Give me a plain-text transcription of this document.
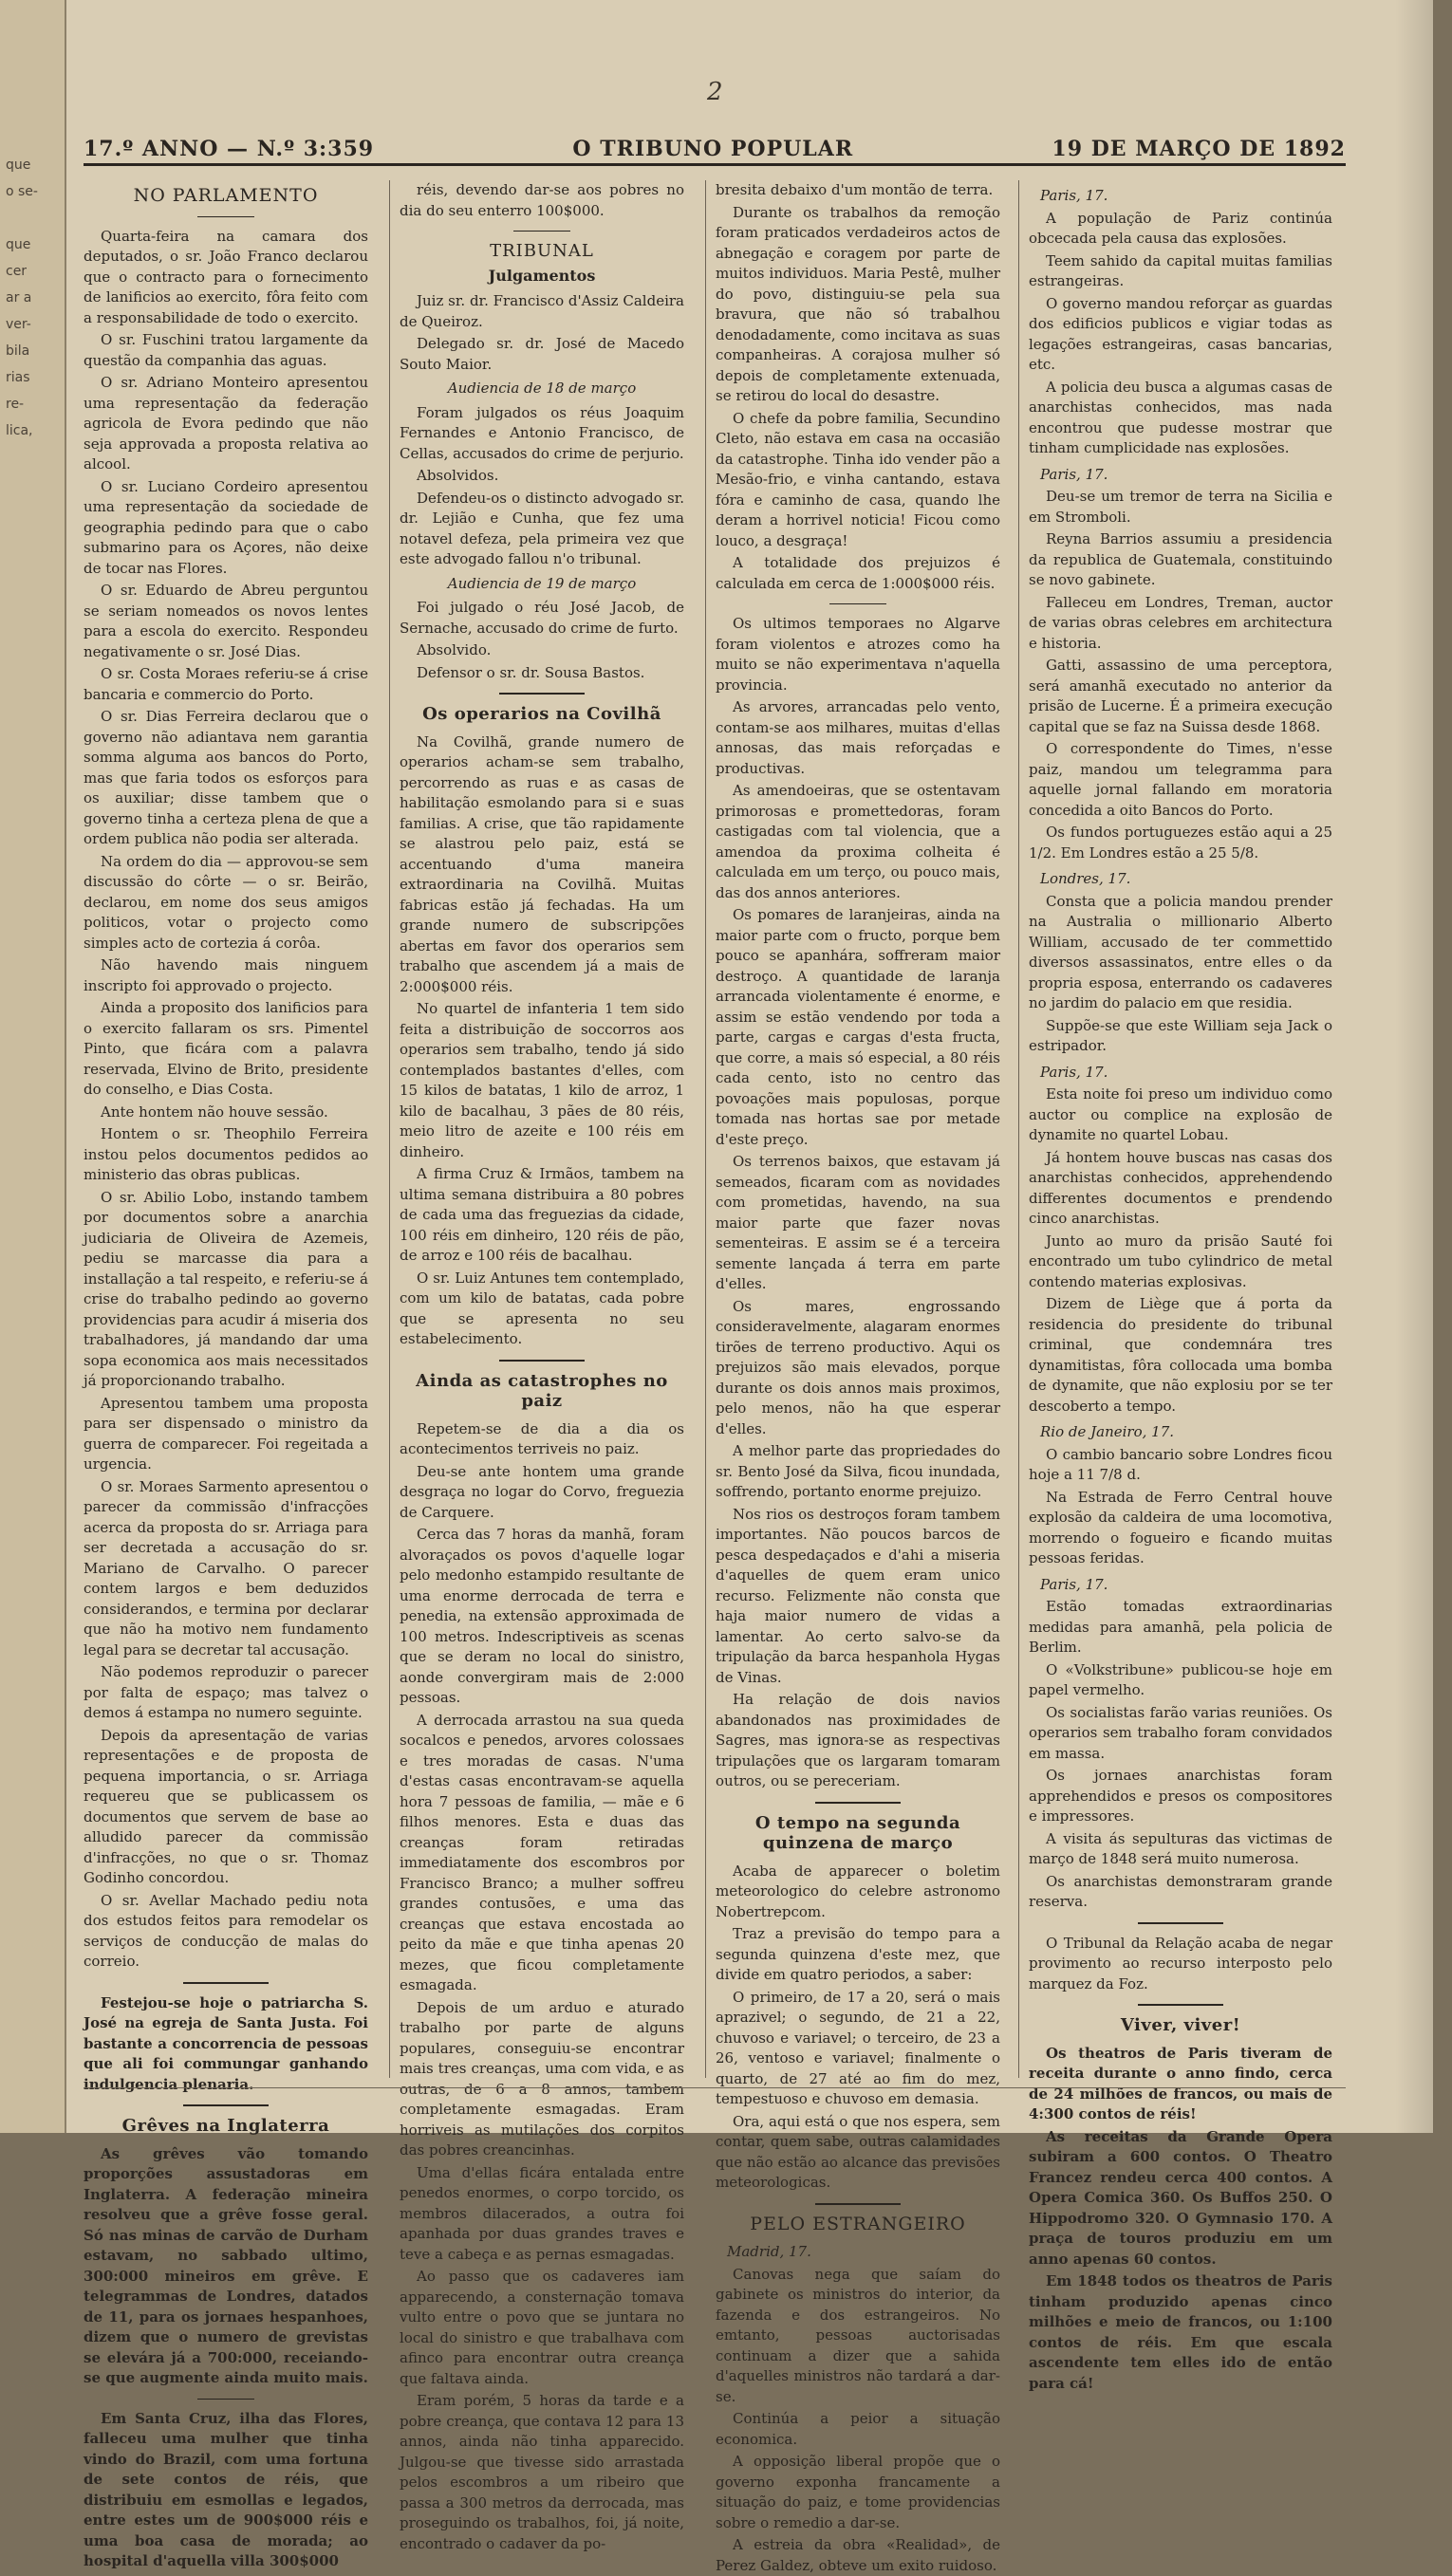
que
o se-

que
cer
ar a
ver-
bila
rias
re-
lica,
2
17.º ANNO — N.º 3:359	O TRIBUNO POPULAR	19 DE MARÇO DE 1892
NO PARLAMENTO

Quarta-feira na camara dos deputados, o sr. João Franco declarou que o contracto para o fornecimento de lanificios ao exercito, fôra feito com a responsabilidade de todo o exercito.

O sr. Fuschini tratou largamente da questão da companhia das aguas.

O sr. Adriano Monteiro apresentou uma representação da federação agricola de Evora pedindo que não seja approvada a proposta relativa ao alcool.

O sr. Luciano Cordeiro apresentou uma representação da sociedade de geographia pedindo para que o cabo submarino para os Açores, não deixe de tocar nas Flores.

O sr. Eduardo de Abreu perguntou se seriam nomeados os novos lentes para a escola do exercito. Respondeu negativamente o sr. José Dias.

O sr. Costa Moraes referiu-se á crise bancaria e commercio do Porto.

O sr. Dias Ferreira declarou que o governo não adiantava nem garantia somma alguma aos bancos do Porto, mas que faria todos os esforços para os auxiliar; disse tambem que o governo tinha a certeza plena de que a ordem publica não podia ser alterada.

Na ordem do dia — approvou-se sem discussão do côrte — o sr. Beirão, declarou, em nome dos seus amigos politicos, votar o projecto como simples acto de cortezia á corôa.

Não havendo mais ninguem inscripto foi approvado o projecto.

Ainda a proposito dos lanificios para o exercito fallaram os srs. Pimentel Pinto, que ficára com a palavra reservada, Elvino de Brito, presidente do conselho, e Dias Costa.

Ante hontem não houve sessão.

Hontem o sr. Theophilo Ferreira instou pelos documentos pedidos ao ministerio das obras publicas.

O sr. Abilio Lobo, instando tambem por documentos sobre a anarchia judiciaria de Oliveira de Azemeis, pediu se marcasse dia para a installação a tal respeito, e referiu-se á crise do trabalho pedindo ao governo providencias para acudir á miseria dos trabalhadores, já mandando dar uma sopa economica aos mais necessitados já proporcionando trabalho.

Apresentou tambem uma proposta para ser dispensado o ministro da guerra de comparecer. Foi regeitada a urgencia.

O sr. Moraes Sarmento apresentou o parecer da commissão d'infracções acerca da proposta do sr. Arriaga para ser decretada a accusação do sr. Mariano de Carvalho. O parecer contem largos e bem deduzidos considerandos, e termina por declarar que não ha motivo nem fundamento legal para se decretar tal accusação.

Não podemos reproduzir o parecer por falta de espaço; mas talvez o demos á estampa no numero seguinte.

Depois da apresentação de varias representações e de proposta de pequena importancia, o sr. Arriaga requereu que se publicassem os documentos que servem de base ao alludido parecer da commissão d'infracções, no que o sr. Thomaz Godinho concordou.

O sr. Avellar Machado pediu nota dos estudos feitos para remodelar os serviços de conducção de malas do correio.

Festejou-se hoje o patriarcha S. José na egreja de Santa Justa. Foi bastante a concorrencia de pessoas que ali foi commungar ganhando indulgencia plenaria.

Grêves na Inglaterra

As grêves vão tomando proporções assustadoras em Inglaterra. A federação mineira resolveu que a grêve fosse geral. Só nas minas de carvão de Durham estavam, no sabbado ultimo, 300:000 mineiros em grêve. E telegrammas de Londres, datados de 11, para os jornaes hespanhoes, dizem que o numero de grevistas se elevára já a 700:000, receiando-se que augmente ainda muito mais.

Em Santa Cruz, ilha das Flores, falleceu uma mulher que tinha vindo do Brazil, com uma fortuna de sete contos de réis, que distribuiu em esmollas e legados, entre estes um de 900$000 réis e uma boa casa de morada; ao hospital d'aquella villa 300$000

réis, devendo dar-se aos pobres no dia do seu enterro 100$000.

TRIBUNAL
Julgamentos

Juiz sr. dr. Francisco d'Assiz Caldeira de Queiroz.

Delegado sr. dr. José de Macedo Souto Maior.

Audiencia de 18 de março

Foram julgados os réus Joaquim Fernandes e Antonio Francisco, de Cellas, accusados do crime de perjurio.

Absolvidos.

Defendeu-os o distincto advogado sr. dr. Lejião e Cunha, que fez uma notavel defeza, pela primeira vez que este advogado fallou n'o tribunal.

Audiencia de 19 de março

Foi julgado o réu José Jacob, de Sernache, accusado do crime de furto.

Absolvido.

Defensor o sr. dr. Sousa Bastos.

Os operarios na Covilhã

Na Covilhã, grande numero de operarios acham-se sem trabalho, percorrendo as ruas e as casas de habilitação esmolando para si e suas familias. A crise, que tão rapidamente se alastrou pelo paiz, está se accentuando d'uma maneira extraordinaria na Covilhã. Muitas fabricas estão já fechadas. Ha um grande numero de subscripções abertas em favor dos operarios sem trabalho que ascendem já a mais de 2:000$000 réis.

No quartel de infanteria 1 tem sido feita a distribuição de soccorros aos operarios sem trabalho, tendo já sido contemplados bastantes d'elles, com 15 kilos de batatas, 1 kilo de arroz, 1 kilo de bacalhau, 3 pães de 80 réis, meio litro de azeite e 100 réis em dinheiro.

A firma Cruz & Irmãos, tambem na ultima semana distribuira a 80 pobres de cada uma das freguezias da cidade, 100 réis em dinheiro, 120 réis de pão, de arroz e 100 réis de bacalhau.

O sr. Luiz Antunes tem contemplado, com um kilo de batatas, cada pobre que se apresenta no seu estabelecimento.

Ainda as catastrophes no paiz

Repetem-se de dia a dia os acontecimentos terriveis no paiz.

Deu-se ante hontem uma grande desgraça no logar do Corvo, freguezia de Carquere.

Cerca das 7 horas da manhã, foram alvoraçados os povos d'aquelle logar pelo medonho estampido resultante de uma enorme derrocada de terra e penedia, na extensão approximada de 100 metros. Indescriptiveis as scenas que se deram no local do sinistro, aonde convergiram mais de 2:000 pessoas.

A derrocada arrastou na sua queda socalcos e penedos, arvores colossaes e tres moradas de casas. N'uma d'estas casas encontravam-se aquella hora 7 pessoas de familia, — mãe e 6 filhos menores. Esta e duas das creanças foram retiradas immediatamente dos escombros por Francisco Branco; a mulher soffreu grandes contusões, e uma das creanças que estava encostada ao peito da mãe e que tinha apenas 20 mezes, que ficou completamente esmagada.

Depois de um arduo e aturado trabalho por parte de alguns populares, conseguiu-se encontrar mais tres creanças, uma com vida, e as outras, de 6 a 8 annos, tambem completamente esmagadas. Eram horriveis as mutilações dos corpitos das pobres creancinhas.

Uma d'ellas ficára entalada entre penedos enormes, o corpo torcido, os membros dilacerados, a outra foi apanhada por duas grandes traves e teve a cabeça e as pernas esmagadas.

Ao passo que os cadaveres iam apparecendo, a consternação tomava vulto entre o povo que se juntara no local do sinistro e que trabalhava com afinco para encontrar outra creança que faltava ainda.

Eram porém, 5 horas da tarde e a pobre creança, que contava 12 para 13 annos, ainda não tinha apparecido. Julgou-se que tivesse sido arrastada pelos escombros a um ribeiro que passa a 300 metros da derrocada, mas proseguindo os trabalhos, foi, já noite, encontrado o cadaver da po-

bresita debaixo d'um montão de terra.

Durante os trabalhos da remoção foram praticados verdadeiros actos de abnegação e coragem por parte de muitos individuos. Maria Pestê, mulher do povo, distinguiu-se pela sua bravura, que não só trabalhou denodadamente, como incitava as suas companheiras. A corajosa mulher só depois de completamente extenuada, se retirou do local do desastre.

O chefe da pobre familia, Secundino Cleto, não estava em casa na occasião da catastrophe. Tinha ido vender pão a Mesão-frio, e vinha cantando, estava fóra e caminho de casa, quando lhe deram a horrivel noticia! Ficou como louco, a desgraça!

A totalidade dos prejuizos é calculada em cerca de 1:000$000 réis.

Os ultimos temporaes no Algarve foram violentos e atrozes como ha muito se não experimentava n'aquella provincia.

As arvores, arrancadas pelo vento, contam-se aos milhares, muitas d'ellas annosas, das mais reforçadas e productivas.

As amendoeiras, que se ostentavam primorosas e promettedoras, foram castigadas com tal violencia, que a amendoa da proxima colheita é calculada em um terço, ou pouco mais, das dos annos anteriores.

Os pomares de laranjeiras, ainda na maior parte com o fructo, porque bem pouco se apanhára, soffreram maior destroço. A quantidade de laranja arrancada violentamente é enorme, e assim se estão vendendo por toda a parte, cargas e cargas d'esta fructa, que corre, a mais só especial, a 80 réis cada cento, isto no centro das povoações mais populosas, porque tomada nas hortas sae por metade d'este preço.

Os terrenos baixos, que estavam já semeados, ficaram com as novidades com prometidas, havendo, na sua maior parte que fazer novas sementeiras. E assim se é a terceira semente lançada á terra em parte d'elles.

Os mares, engrossando consideravelmente, alagaram enormes tirões de terreno productivo. Aqui os prejuizos são mais elevados, porque durante os dois annos mais proximos, pelo menos, não ha que esperar d'elles.

A melhor parte das propriedades do sr. Bento José da Silva, ficou inundada, soffrendo, portanto enorme prejuizo.

Nos rios os destroços foram tambem importantes. Não poucos barcos de pesca despedaçados e d'ahi a miseria d'aquelles de quem eram unico recurso. Felizmente não consta que haja maior numero de vidas a lamentar. Ao certo salvo-se da tripulação da barca hespanhola Hygas de Vinas.

Ha relação de dois navios abandonados nas proximidades de Sagres, mas ignora-se as respectivas tripulações que os largaram tomaram outros, ou se pereceriam.

O tempo na segunda quinzena de março

Acaba de apparecer o boletim meteorologico do celebre astronomo Nobertrepcom.

Traz a previsão do tempo para a segunda quinzena d'este mez, que divide em quatro periodos, a saber:

O primeiro, de 17 a 20, será o mais aprazivel; o segundo, de 21 a 22, chuvoso e variavel; o terceiro, de 23 a 26, ventoso e variavel; finalmente o quarto, de 27 até ao fim do mez, tempestuoso e chuvoso em demasia.

Ora, aqui está o que nos espera, sem contar, quem sabe, outras calamidades que não estão ao alcance das previsões meteorologicas.

PELO ESTRANGEIRO
Madrid, 17.

Canovas nega que saíam do gabinete os ministros do interior, da fazenda e dos estrangeiros. No emtanto, pessoas auctorisadas continuam a dizer que a sahida d'aquelles ministros não tardará a dar-se.

Continúa a peior a situação economica.

A opposição liberal propõe que o governo exponha francamente a situação do paiz, e tome providencias sobre o remedio a dar-se.

A estreia da obra «Realidad», de Perez Galdez, obteve um exito ruidoso.

Paris, 17.

A população de Pariz continúa obcecada pela causa das explosões.

Teem sahido da capital muitas familias estrangeiras.

O governo mandou reforçar as guardas dos edificios publicos e vigiar todas as legações estrangeiras, casas bancarias, etc.

A policia deu busca a algumas casas de anarchistas conhecidos, mas nada encontrou que pudesse mostrar que tinham cumplicidade nas explosões.

Paris, 17.

Deu-se um tremor de terra na Sicilia e em Stromboli.

Reyna Barrios assumiu a presidencia da republica de Guatemala, constituindo se novo gabinete.

Falleceu em Londres, Treman, auctor de varias obras celebres em architectura e historia.

Gatti, assassino de uma perceptora, será amanhã executado no anterior da prisão de Lucerne. É a primeira execução capital que se faz na Suissa desde 1868.

O correspondente do Times, n'esse paiz, mandou um telegramma para aquelle jornal fallando em moratoria concedida a oito Bancos do Porto.

Os fundos portuguezes estão aqui a 25 1/2. Em Londres estão a 25 5/8.

Londres, 17.

Consta que a policia mandou prender na Australia o millionario Alberto William, accusado de ter commettido diversos assassinatos, entre elles o da propria esposa, enterrando os cadaveres no jardim do palacio em que residia.

Suppõe-se que este William seja Jack o estripador.

Paris, 17.

Esta noite foi preso um individuo como auctor ou complice na explosão de dynamite no quartel Lobau.

Já hontem houve buscas nas casas dos anarchistas conhecidos, apprehendendo differentes documentos e prendendo cinco anarchistas.

Junto ao muro da prisão Sauté foi encontrado um tubo cylindrico de metal contendo materias explosivas.

Dizem de Liège que á porta da residencia do presidente do tribunal criminal, que condemnára tres dynamitistas, fôra collocada uma bomba de dynamite, que não explosiu por se ter descoberto a tempo.

Rio de Janeiro, 17.

O cambio bancario sobre Londres ficou hoje a 11 7/8 d.

Na Estrada de Ferro Central houve explosão da caldeira de uma locomotiva, morrendo o fogueiro e ficando muitas pessoas feridas.

Paris, 17.

Estão tomadas extraordinarias medidas para amanhã, pela policia de Berlim.

O «Volkstribune» publicou-se hoje em papel vermelho.

Os socialistas farão varias reuniões. Os operarios sem trabalho foram convidados em massa.

Os jornaes anarchistas foram apprehendidos e presos os compositores e impressores.

A visita ás sepulturas das victimas de março de 1848 será muito numerosa.

Os anarchistas demonstraram grande reserva.

O Tribunal da Relação acaba de negar provimento ao recurso interposto pelo marquez da Foz.

Viver, viver!

Os theatros de Paris tiveram de receita durante o anno findo, cerca de 24 milhões de francos, ou mais de 4:300 contos de réis!

As receitas da Grande Opera subiram a 600 contos. O Theatro Francez rendeu cerca 400 contos. A Opera Comica 360. Os Buffos 250. O Hippodromo 320. O Gymnasio 170. A praça de touros produziu em um anno apenas 60 contos.

Em 1848 todos os theatros de Paris tinham produzido apenas cinco milhões e meio de francos, ou 1:100 contos de réis. Em que escala ascendente tem elles ido de então para cá!
